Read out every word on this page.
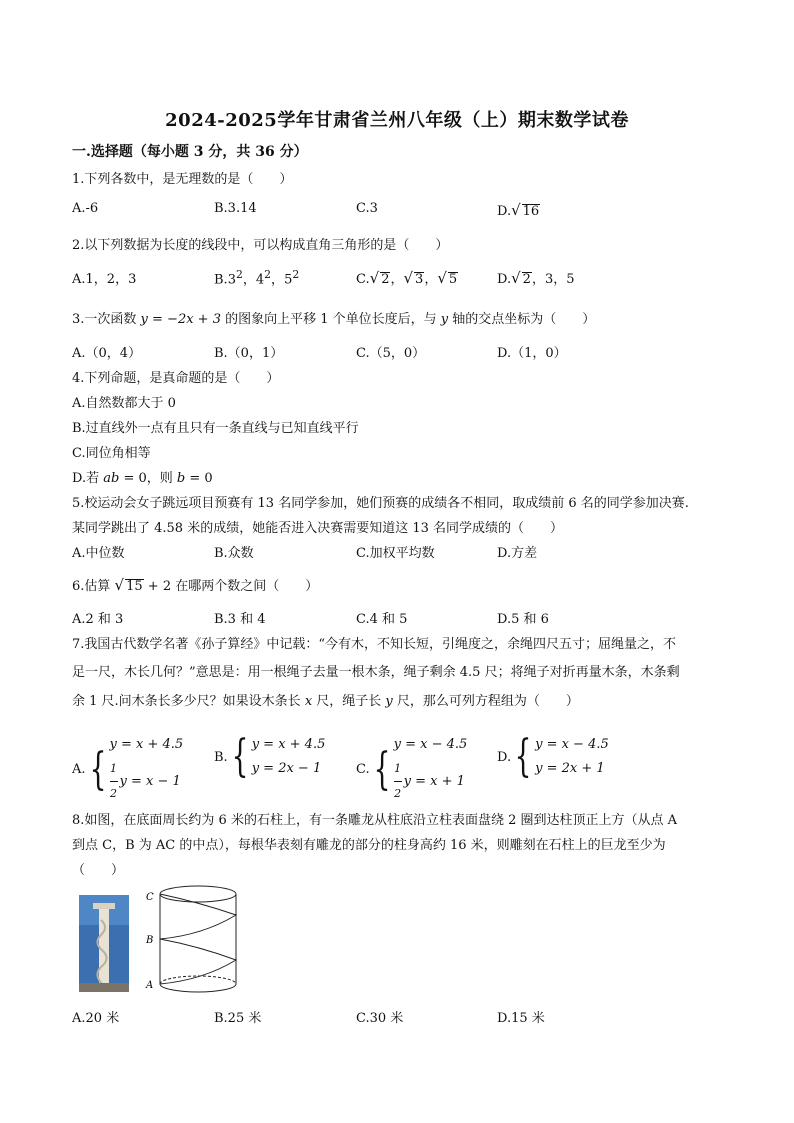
2024-2025学年甘肃省兰州八年级（上）期末数学试卷
一.选择题（每小题 3 分，共 36 分）
1.下列各数中，是无理数的是（　　）
A.-6	B.3.14	C.3	D.√ 16
2.以下列数据为长度的线段中，可以构成直角三角形的是（　　）
A.1，2，3	$B.3^2$，$4^2$，$5^2$	C.√ 2，√ 3，√ 5	D.√ 2，3，5
3.一次函数 y = −2x + 3 的图象向上平移 1 个单位长度后，与 y 轴的交点坐标为（　　）
A.（0，4）	B.（0，1）	C.（5，0）	D.（1，0）
4.下列命题，是真命题的是（　　）
A.自然数都大于 0
B.过直线外一点有且只有一条直线与已知直线平行
C.同位角相等
D.若 ab = 0，则 b = 0
5.校运动会女子跳远项目预赛有 13 名同学参加，她们预赛的成绩各不相同，取成绩前 6 名的同学参加决赛.
某同学跳出了 4.58 米的成绩，她能否进入决赛需要知道这 13 名同学成绩的（　　）
A.中位数	B.众数	C.加权平均数	D.方差
6.估算 √ 15 + 2 在哪两个数之间（　　）
A.2 和 3	B.3 和 4	C.4 和 5	D.5 和 6
7.我国古代数学名著《孙子算经》中记载：“今有木，不知长短，引绳度之，余绳四尺五寸；屈绳量之，不
足一尺，木长几何？”意思是：用一根绳子去量一根木条，绳子剩余 4.5 尺；将绳子对折再量木条，木条剩
余 1 尺.问木条长多少尺？如果设木条长 x 尺，绳子长 y 尺，那么可列方程组为（　　）
A. { y = x + 4.5
$\frac{1}{2}$ y = x − 1
B. { y = x + 4.5
y = 2x − 1	C. { y = x − 4.5
$\frac{1}{2}$ y = x + 1
D. { y = x − 4.5
y = 2x + 1
8.如图，在底面周长约为 6 米的石柱上，有一条雕龙从柱底沿立柱表面盘绕 2 圈到达柱顶正上方（从点 A
到点 C，B 为 AC 的中点），每根华表刻有雕龙的部分的柱身高约 16 米，则雕刻在石柱上的巨龙至少为
（　　）
C
B
A
A.20 米	B.25 米	C.30 米	D.15 米
